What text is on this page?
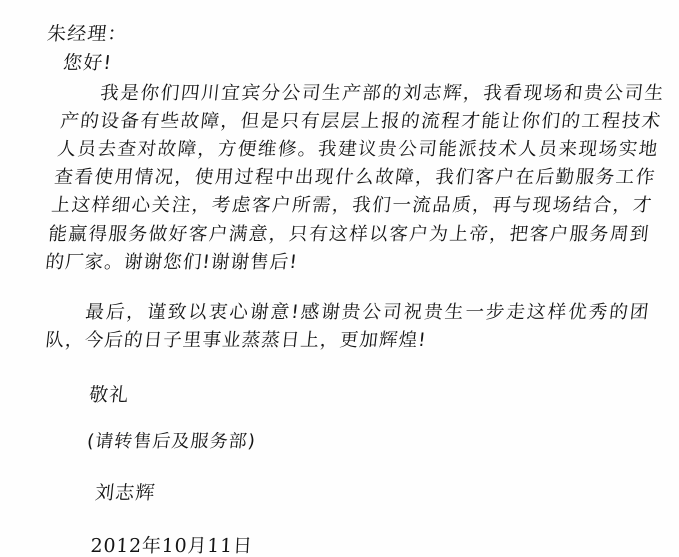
朱经理：
您好!
我是你们四川宜宾分公司生产部的刘志辉，我看现场和贵公司生产的设备有些故障，但是只有层层上报的流程才能让你们的工程技术人员去查对故障，方便维修。我建议贵公司能派技术人员来现场实地查看使用情况，使用过程中出现什么故障，我们客户在后勤服务工作上这样细心关注，考虑客户所需，我们一流品质，再与现场结合，才能赢得服务做好客户满意，只有这样以客户为上帝，把客户服务周到的厂家。谢谢您们!谢谢售后!
最后，谨致以衷心谢意!感谢贵公司祝贵生一步走这样优秀的团队，今后的日子里事业蒸蒸日上，更加辉煌!
敬礼
(请转售后及服务部)
刘志辉
2012年10月11日
